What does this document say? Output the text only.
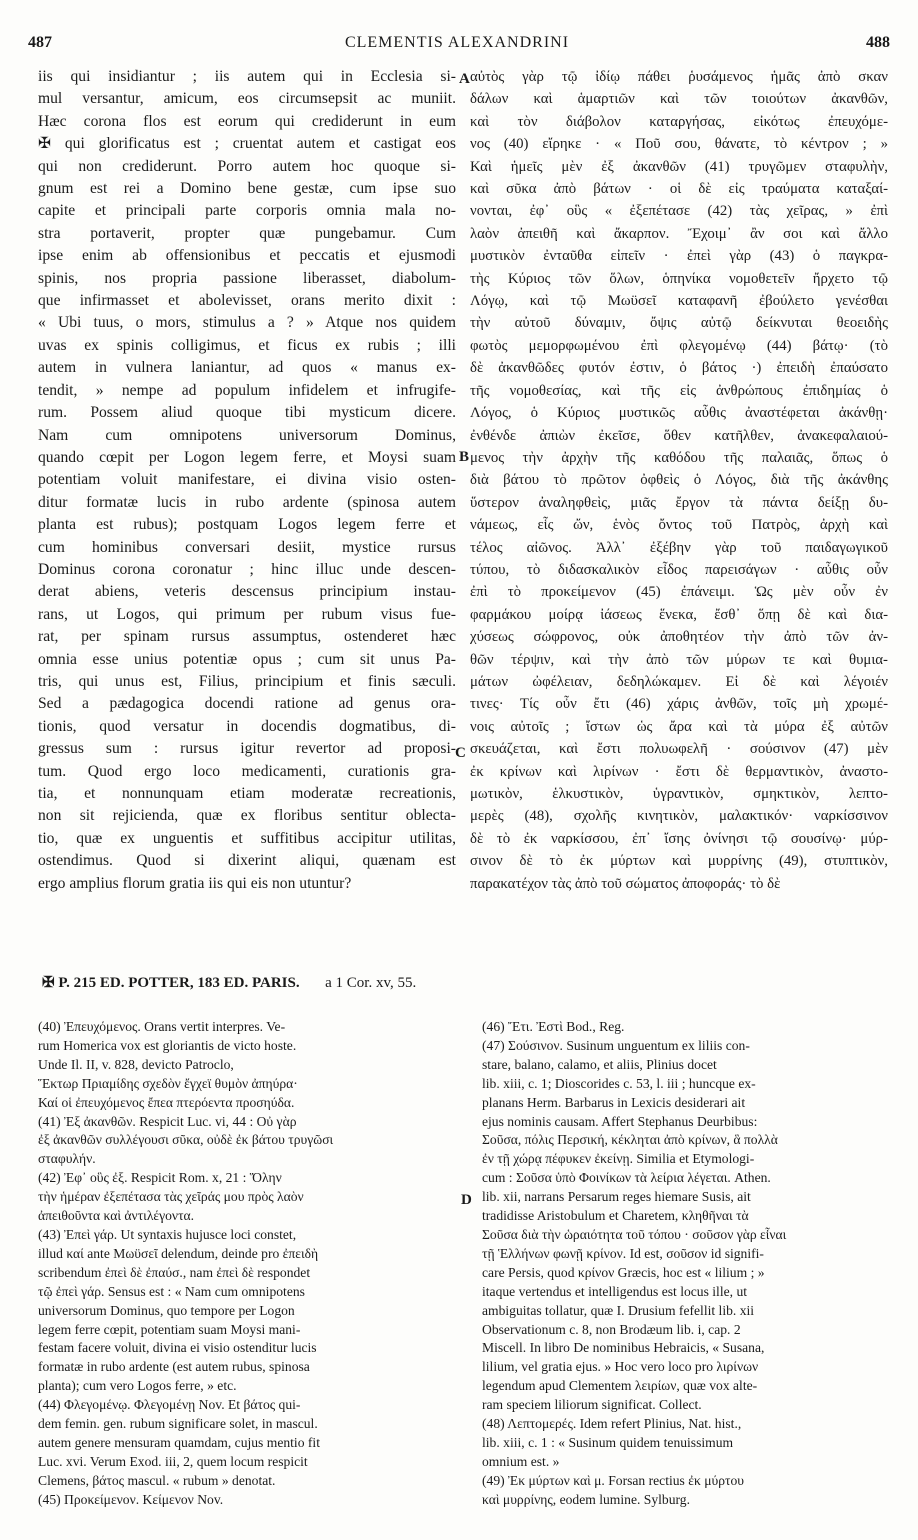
487	CLEMENTIS ALEXANDRINI	488
iis qui insidiantur ; iis autem qui in Ecclesia si-
mul versantur, amicum, eos circumsepsit ac muniit.
Hæc corona flos est eorum qui crediderunt in eum
✠ qui glorificatus est ; cruentat autem et castigat eos
qui non crediderunt. Porro autem hoc quoque si-
gnum est rei a Domino bene gestæ, cum ipse suo
capite et principali parte corporis omnia mala no-
stra portaverit, propter quæ pungebamur. Cum
ipse enim ab offensionibus et peccatis et ejusmodi
spinis, nos propria passione liberasset, diabolum-
que infirmasset et abolevisset, orans merito dixit :
« Ubi tuus, o mors, stimulus a ? » Atque nos quidem
uvas ex spinis colligimus, et ficus ex rubis ; illi
autem in vulnera laniantur, ad quos « manus ex-
tendit, » nempe ad populum infidelem et infrugife-
rum. Possem aliud quoque tibi mysticum dicere.
Nam cum omnipotens universorum Dominus,
quando cœpit per Logon legem ferre, et Moysi suam
potentiam voluit manifestare, ei divina visio osten-
ditur formatæ lucis in rubo ardente (spinosa autem
planta est rubus); postquam Logos legem ferre et
cum hominibus conversari desiit, mystice rursus
Dominus corona coronatur ; hinc illuc unde descen-
derat abiens, veteris descensus principium instau-
rans, ut Logos, qui primum per rubum visus fue-
rat, per spinam rursus assumptus, ostenderet hæc
omnia esse unius potentiæ opus ; cum sit unus Pa-
tris, qui unus est, Filius, principium et finis sæculi.
Sed a pædagogica docendi ratione ad genus ora-
tionis, quod versatur in docendis dogmatibus, di-
gressus sum : rursus igitur revertor ad proposi-
tum. Quod ergo loco medicamenti, curationis gra-
tia, et nonnunquam etiam moderatæ recreationis,
non sit rejicienda, quæ ex floribus sentitur oblecta-
tio, quæ ex unguentis et suffitibus accipitur utilitas,
ostendimus. Quod si dixerint aliqui, quænam est
ergo amplius florum gratia iis qui eis non utuntur?
αὐτὸς γὰρ τῷ ἰδίῳ πάθει ῥυσάμενος ἡμᾶς ἀπὸ σκαν
δάλων καὶ ἁμαρτιῶν καὶ τῶν τοιούτων ἀκανθῶν,
καὶ τὸν διάβολον καταργήσας, εἰκότως ἐπευχόμε-
νος (40) εἴρηκε · « Ποῦ σου, θάνατε, τὸ κέντρον ; »
Καὶ ἡμεῖς μὲν ἐξ ἀκανθῶν (41) τρυγῶμεν σταφυλὴν,
καὶ σῦκα ἀπὸ βάτων · οἱ δὲ εἰς τραύματα καταξαί-
νονται, ἐφ᾽ οὓς « ἐξεπέτασε (42) τὰς χεῖρας, » ἐπὶ
λαὸν ἀπειθῆ καὶ ἄκαρπον. Ἔχοιμ᾽ ἂν σοι καὶ ἄλλο
μυστικὸν ἐνταῦθα εἰπεῖν · ἐπεὶ γὰρ (43) ὁ παγκρα-
τὴς Κύριος τῶν ὅλων, ὁπηνίκα νομοθετεῖν ἤρχετο τῷ
Λόγῳ, καὶ τῷ Μωϋσεῖ καταφανῆ ἐβούλετο γενέσθαι
τὴν αὐτοῦ δύναμιν, ὄψις αὐτῷ δείκνυται θεοειδὴς
φωτὸς μεμορφωμένου ἐπὶ φλεγομένῳ (44) βάτῳ· (τὸ
δὲ ἀκανθῶδες φυτόν ἐστιν, ὁ βάτος ·) ἐπειδὴ ἐπαύσατο
τῆς νομοθεσίας, καὶ τῆς εἰς ἀνθρώπους ἐπιδημίας ὁ
Λόγος, ὁ Κύριος μυστικῶς αὖθις ἀναστέφεται ἀκάνθῃ·
ἐνθένδε ἀπιὼν ἐκεῖσε, ὅθεν κατῆλθεν, ἀνακεφαλαιού-
μενος τὴν ἀρχὴν τῆς καθόδου τῆς παλαιᾶς, ὅπως ὁ
διὰ βάτου τὸ πρῶτον ὀφθεὶς ὁ Λόγος, διὰ τῆς ἀκάνθης
ὕστερον ἀναληφθεὶς, μιᾶς ἔργον τὰ πάντα δείξῃ δυ-
νάμεως, εἷς ὤν, ἑνὸς ὄντος τοῦ Πατρὸς, ἀρχὴ καὶ
τέλος αἰῶνος. Ἀλλ᾽ ἐξέβην γὰρ τοῦ παιδαγωγικοῦ
τύπου, τὸ διδασκαλικὸν εἶδος παρεισάγων · αὖθις οὖν
ἐπὶ τὸ προκείμενον (45) ἐπάνειμι. Ὡς μὲν οὖν ἐν
φαρμάκου μοίρᾳ ἰάσεως ἕνεκα, ἔσθ᾽ ὅπῃ δὲ καὶ δια-
χύσεως σώφρονος, οὐκ ἀποθητέον τὴν ἀπὸ τῶν ἀν-
θῶν τέρψιν, καὶ τὴν ἀπὸ τῶν μύρων τε καὶ θυμια-
μάτων ὠφέλειαν, δεδηλώκαμεν. Εἰ δὲ καὶ λέγοιέν
τινες· Τίς οὖν ἔτι (46) χάρις ἀνθῶν, τοῖς μὴ χρωμέ-
νοις αὐτοῖς ; ἴστων ὡς ἄρα καὶ τὰ μύρα ἐξ αὐτῶν
σκευάζεται, καὶ ἔστι πολυωφελῆ · σούσινον (47) μὲν
ἐκ κρίνων καὶ λιρίνων · ἔστι δὲ θερμαντικὸν, ἀναστο-
μωτικὸν, ἑλκυστικὸν, ὑγραντικὸν, σμηκτικὸν, λεπτο-
μερὲς (48), σχολῆς κινητικὸν, μαλακτικόν· ναρκίσσινον
δὲ τὸ ἐκ ναρκίσσου, ἐπ᾽ ἴσης ὀνίνησι τῷ σουσίνῳ· μύρ-
σινον δὲ τὸ ἐκ μύρτων καὶ μυρρίνης (49), στυπτικὸν,
παρακατέχον τὰς ἀπὸ τοῦ σώματος ἀποφοράς· τὸ δὲ
A
B
C
D
✠ P. 215 ED. POTTER, 183 ED. PARIS. a 1 Cor. xv, 55.
(40) Ἐπευχόμενος. Orans vertit interpres. Ve-
rum Homerica vox est gloriantis de victo hoste.
Unde Il. II, v. 828, devicto Patroclo,
Ἕκτωρ Πριαμίδης σχεδὸν ἔγχεϊ θυμὸν ἀπηύρα·
Καί οἱ ἐπευχόμενος ἔπεα πτερόεντα προσηύδα.
(41) Ἐξ ἀκανθῶν. Respicit Luc. vi, 44 : Οὐ γὰρ
ἐξ ἀκανθῶν συλλέγουσι σῦκα, οὐδὲ ἐκ βάτου τρυγῶσι
σταφυλήν.
(42) Ἐφ᾽ οὓς ἐξ. Respicit Rom. x, 21 : Ὅλην
τὴν ἡμέραν ἐξεπέτασα τὰς χεῖράς μου πρὸς λαὸν
ἀπειθοῦντα καὶ ἀντιλέγοντα.
(43) Ἐπεὶ γάρ. Ut syntaxis hujusce loci constet,
illud καί ante Μωϋσεῖ delendum, deinde pro ἐπειδὴ
scribendum ἐπεὶ δὲ ἐπαύσ., nam ἐπεὶ δὲ respondet
τῷ ἐπεὶ γάρ. Sensus est : « Nam cum omnipotens
universorum Dominus, quo tempore per Logon
legem ferre cœpit, potentiam suam Moysi mani-
festam facere voluit, divina ei visio ostenditur lucis
formatæ in rubo ardente (est autem rubus, spinosa
planta); cum vero Logos ferre, » etc.
(44) Φλεγομένῳ. Φλεγομένῃ Nov. Et βάτος qui-
dem femin. gen. rubum significare solet, in mascul.
autem genere mensuram quamdam, cujus mentio fit
Luc. xvi. Verum Exod. iii, 2, quem locum respicit
Clemens, βάτος mascul. « rubum » denotat.
(45) Προκείμενον. Κείμενον Nov.
(46) Ἔτι. Ἐστὶ Bod., Reg.
(47) Σούσινον. Susinum unguentum ex liliis con-
stare, balano, calamo, et aliis, Plinius docet
lib. xiii, c. 1; Dioscorides c. 53, l. iii ; huncque ex-
planans Herm. Barbarus in Lexicis desiderari ait
ejus nominis causam. Affert Stephanus Deurbibus:
Σοῦσα, πόλις Περσική, κέκληται ἀπὸ κρίνων, ἃ πολλὰ
ἐν τῇ χώρᾳ πέφυκεν ἐκείνῃ. Similia et Etymologi-
cum : Σοῦσα ὑπὸ Φοινίκων τὰ λείρια λέγεται. Athen.
lib. xii, narrans Persarum reges hiemare Susis, ait
tradidisse Aristobulum et Charetem, κληθῆναι τὰ
Σοῦσα διὰ τὴν ὡραιότητα τοῦ τόπου · σοῦσον γὰρ εἶναι
τῇ Ἑλλήνων φωνῇ κρίνον. Id est, σοῦσον id signifi-
care Persis, quod κρίνον Græcis, hoc est « lilium ; »
itaque vertendus et intelligendus est locus ille, ut
ambiguitas tollatur, quæ I. Drusium fefellit lib. xii
Observationum c. 8, non Brodæum lib. i, cap. 2
Miscell. In libro De nominibus Hebraicis, « Susana,
lilium, vel gratia ejus. » Hoc vero loco pro λιρίνων
legendum apud Clementem λειρίων, quæ vox alte-
ram speciem liliorum significat. Collect.
(48) Λεπτομερές. Idem refert Plinius, Nat. hist.,
lib. xiii, c. 1 : « Susinum quidem tenuissimum
omnium est. »
(49) Ἐκ μύρτων καὶ μ. Forsan rectius ἐκ μύρτου
καὶ μυρρίνης, eodem lumine. Sylburg.
